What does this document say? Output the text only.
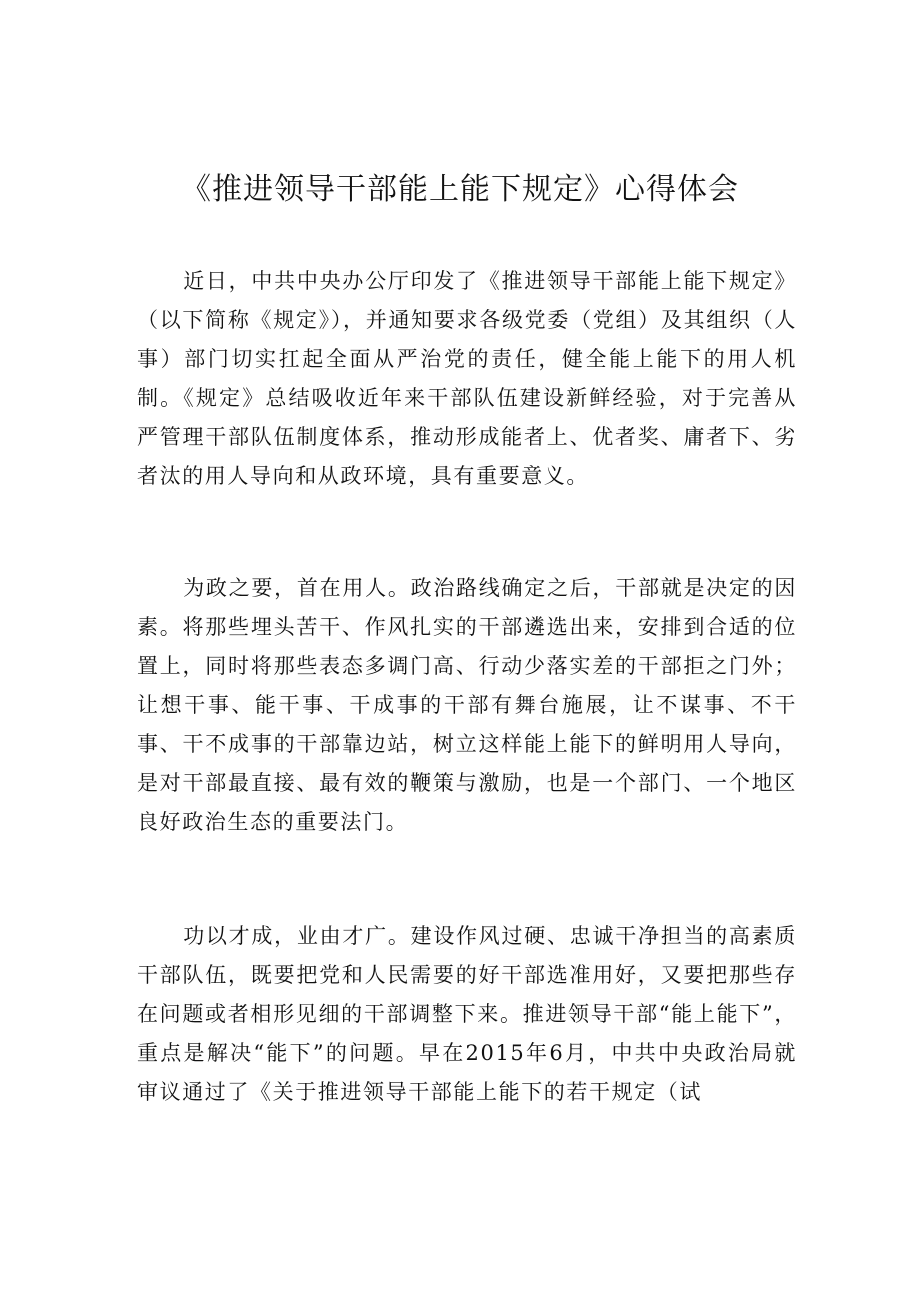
《推进领导干部能上能下规定》心得体会

近日，中共中央办公厅印发了《推进领导干部能上能下规定》（以下简称《规定》），并通知要求各级党委（党组）及其组织（人事）部门切实扛起全面从严治党的责任，健全能上能下的用人机制。《规定》总结吸收近年来干部队伍建设新鲜经验，对于完善从严管理干部队伍制度体系，推动形成能者上、优者奖、庸者下、劣者汰的用人导向和从政环境，具有重要意义。

为政之要，首在用人。政治路线确定之后，干部就是决定的因素。将那些埋头苦干、作风扎实的干部遴选出来，安排到合适的位置上，同时将那些表态多调门高、行动少落实差的干部拒之门外；让想干事、能干事、干成事的干部有舞台施展，让不谋事、不干事、干不成事的干部靠边站，树立这样能上能下的鲜明用人导向，是对干部最直接、最有效的鞭策与激励，也是一个部门、一个地区良好政治生态的重要法门。

功以才成，业由才广。建设作风过硬、忠诚干净担当的高素质干部队伍，既要把党和人民需要的好干部选准用好，又要把那些存在问题或者相形见细的干部调整下来。推进领导干部“能上能下”，重点是解决“能下”的问题。早在2015年6月，中共中央政治局就审议通过了《关于推进领导干部能上能下的若干规定（试
